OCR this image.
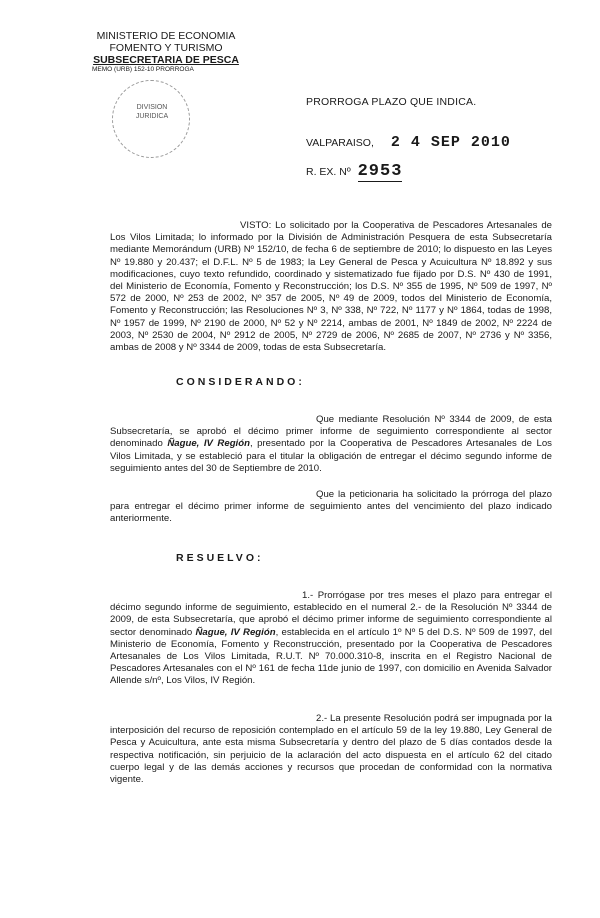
MINISTERIO DE ECONOMIA
FOMENTO Y TURISMO
SUBSECRETARIA DE PESCA
MEMO (URB) 152-10 PRORROGA
DIVISION
JURIDICA
PRORROGA PLAZO QUE INDICA.
VALPARAISO, 2 4 SEP 2010
R. EX. Nº 2953
VISTO: Lo solicitado por la Cooperativa de Pescadores Artesanales de Los Vilos Limitada; lo informado por la División de Administración Pesquera de esta Subsecretaría mediante Memorándum (URB) Nº 152/10, de fecha 6 de septiembre de 2010; lo dispuesto en las Leyes Nº 19.880 y 20.437; el D.F.L. Nº 5 de 1983; la Ley General de Pesca y Acuicultura Nº 18.892 y sus modificaciones, cuyo texto refundido, coordinado y sistematizado fue fijado por D.S. Nº 430 de 1991, del Ministerio de Economía, Fomento y Reconstrucción; los D.S. Nº 355 de 1995, Nº 509 de 1997, Nº 572 de 2000, Nº 253 de 2002, Nº 357 de 2005, Nº 49 de 2009, todos del Ministerio de Economía, Fomento y Reconstrucción; las Resoluciones Nº 3, Nº 338, Nº 722, Nº 1177 y Nº 1864, todas de 1998, Nº 1957 de 1999, Nº 2190 de 2000, Nº 52 y Nº 2214, ambas de 2001, Nº 1849 de 2002, Nº 2224 de 2003, Nº 2530 de 2004, Nº 2912 de 2005, Nº 2729 de 2006, Nº 2685 de 2007, Nº 2736 y Nº 3356, ambas de 2008 y Nº 3344 de 2009, todas de esta Subsecretaría.
CONSIDERANDO:
Que mediante Resolución Nº 3344 de 2009, de esta Subsecretaría, se aprobó el décimo primer informe de seguimiento correspondiente al sector denominado Ñague, IV Región, presentado por la Cooperativa de Pescadores Artesanales de Los Vilos Limitada, y se estableció para el titular la obligación de entregar el décimo segundo informe de seguimiento antes del 30 de Septiembre de 2010.
Que la peticionaria ha solicitado la prórroga del plazo para entregar el décimo primer informe de seguimiento antes del vencimiento del plazo indicado anteriormente.
RESUELVO:
1.- Prorrógase por tres meses el plazo para entregar el décimo segundo informe de seguimiento, establecido en el numeral 2.- de la Resolución Nº 3344 de 2009, de esta Subsecretaría, que aprobó el décimo primer informe de seguimiento correspondiente al sector denominado Ñague, IV Región, establecida en el artículo 1º Nº 5 del D.S. Nº 509 de 1997, del Ministerio de Economía, Fomento y Reconstrucción, presentado por la Cooperativa de Pescadores Artesanales de Los Vilos Limitada, R.U.T. Nº 70.000.310-8, inscrita en el Registro Nacional de Pescadores Artesanales con el Nº 161 de fecha 11de junio de 1997, con domicilio en Avenida Salvador Allende s/nº, Los Vilos, IV Región.
2.- La presente Resolución podrá ser impugnada por la interposición del recurso de reposición contemplado en el artículo 59 de la ley 19.880, Ley General de Pesca y Acuicultura, ante esta misma Subsecretaría y dentro del plazo de 5 días contados desde la respectiva notificación, sin perjuicio de la aclaración del acto dispuesta en el artículo 62 del citado cuerpo legal y de las demás acciones y recursos que procedan de conformidad con la normativa vigente.
